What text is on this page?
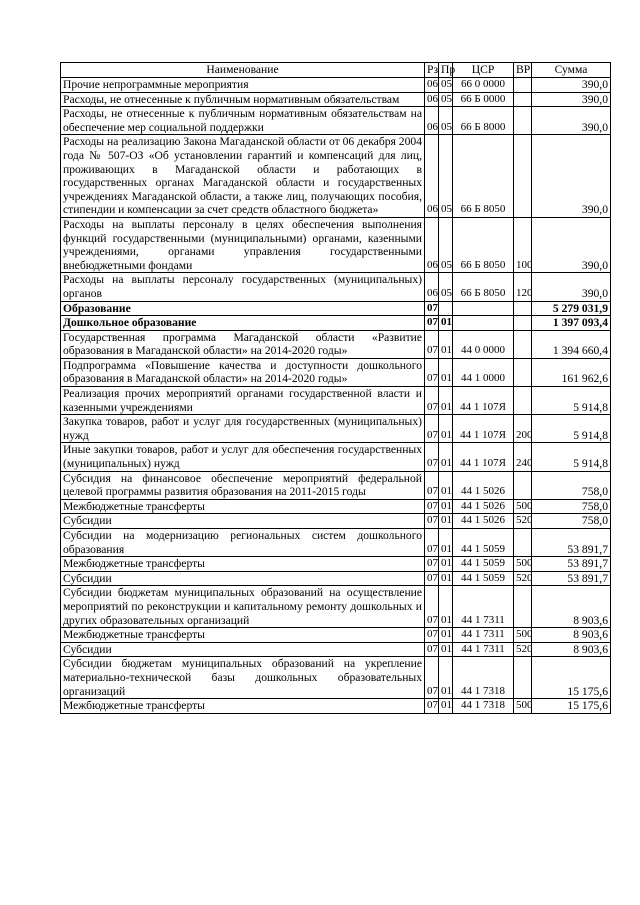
Наименование	Рз	Пр	ЦСР	ВР	Сумма
Прочие непрограммные мероприятия	06	05	66 0 0000		390,0
Расходы, не отнесенные к публичным нормативным обязательствам	06	05	66 Б 0000		390,0
Расходы, не отнесенные к публичным нормативным обязательствам на обеспечение мер социальной поддержки	06	05	66 Б 8000		390,0
Расходы на реализацию Закона Магаданской области от 06 декабря 2004 года № 507-ОЗ «Об установлении гарантий и компенсаций для лиц, проживающих в Магаданской области и работающих в государственных органах Магаданской области и государственных учреждениях Магаданской области, а также лиц, получающих пособия, стипендии и компенсации за счет средств областного бюджета»	06	05	66 Б 8050		390,0
Расходы на выплаты персоналу в целях обеспечения выполнения функций государственными (муниципальными) органами, казенными учреждениями, органами управления государственными внебюджетными фондами	06	05	66 Б 8050	100	390,0
Расходы на выплаты персоналу государственных (муниципальных) органов	06	05	66 Б 8050	120	390,0
Образование	07				5 279 031,9
Дошкольное образование	07	01			1 397 093,4
Государственная программа Магаданской области «Развитие образования в Магаданской области» на 2014-2020 годы»	07	01	44 0 0000		1 394 660,4
Подпрограмма «Повышение качества и доступности дошкольного образования в Магаданской области» на 2014-2020 годы»	07	01	44 1 0000		161 962,6
Реализация прочих мероприятий органами государственной власти и казенными учреждениями	07	01	44 1 107Я		5 914,8
Закупка товаров, работ и услуг для государственных (муниципальных) нужд	07	01	44 1 107Я	200	5 914,8
Иные закупки товаров, работ и услуг для обеспечения государственных (муниципальных) нужд	07	01	44 1 107Я	240	5 914,8
Субсидия на финансовое обеспечение мероприятий федеральной целевой программы развития образования на 2011-2015 годы	07	01	44 1 5026		758,0
Межбюджетные трансферты	07	01	44 1 5026	500	758,0
Субсидии	07	01	44 1 5026	520	758,0
Субсидии на модернизацию региональных систем дошкольного образования	07	01	44 1 5059		53 891,7
Межбюджетные трансферты	07	01	44 1 5059	500	53 891,7
Субсидии	07	01	44 1 5059	520	53 891,7
Субсидии бюджетам муниципальных образований на осуществление мероприятий по реконструкции и капитальному ремонту дошкольных и других образовательных организаций	07	01	44 1 7311		8 903,6
Межбюджетные трансферты	07	01	44 1 7311	500	8 903,6
Субсидии	07	01	44 1 7311	520	8 903,6
Субсидии бюджетам муниципальных образований на укрепление материально-технической базы дошкольных образовательных организаций	07	01	44 1 7318		15 175,6
Межбюджетные трансферты	07	01	44 1 7318	500	15 175,6
